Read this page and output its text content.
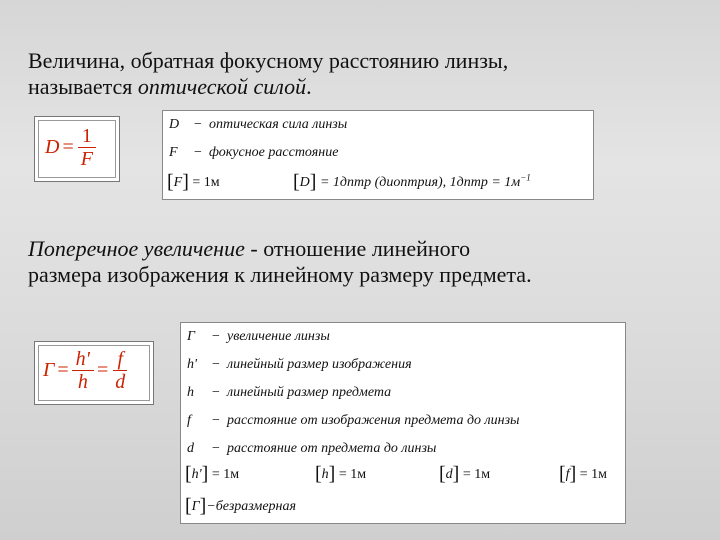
Величина, обратная фокусному расстоянию линзы,
называется оптической силой.

$D = \frac{1}{F}$
D − оптическая сила линзы
F − фокусное расстояние
[F] = 1м	[D] = 1дптр (диоптрия), 1дптр = $1м^{-1}$

Поперечное увеличение - отношение линейного
размера изображения к линейному размеру предмета.

$Г = \frac{h'}{h} = \frac{f}{d}$
Г − увеличение линзы
h' − линейный размер изображения
h − линейный размер предмета
f − расстояние от изображения предмета до линзы
d − расстояние от предмета до линзы
[h'] = 1м	[h] = 1м	[d] = 1м	[f] = 1м
[Г]−безразмерная
